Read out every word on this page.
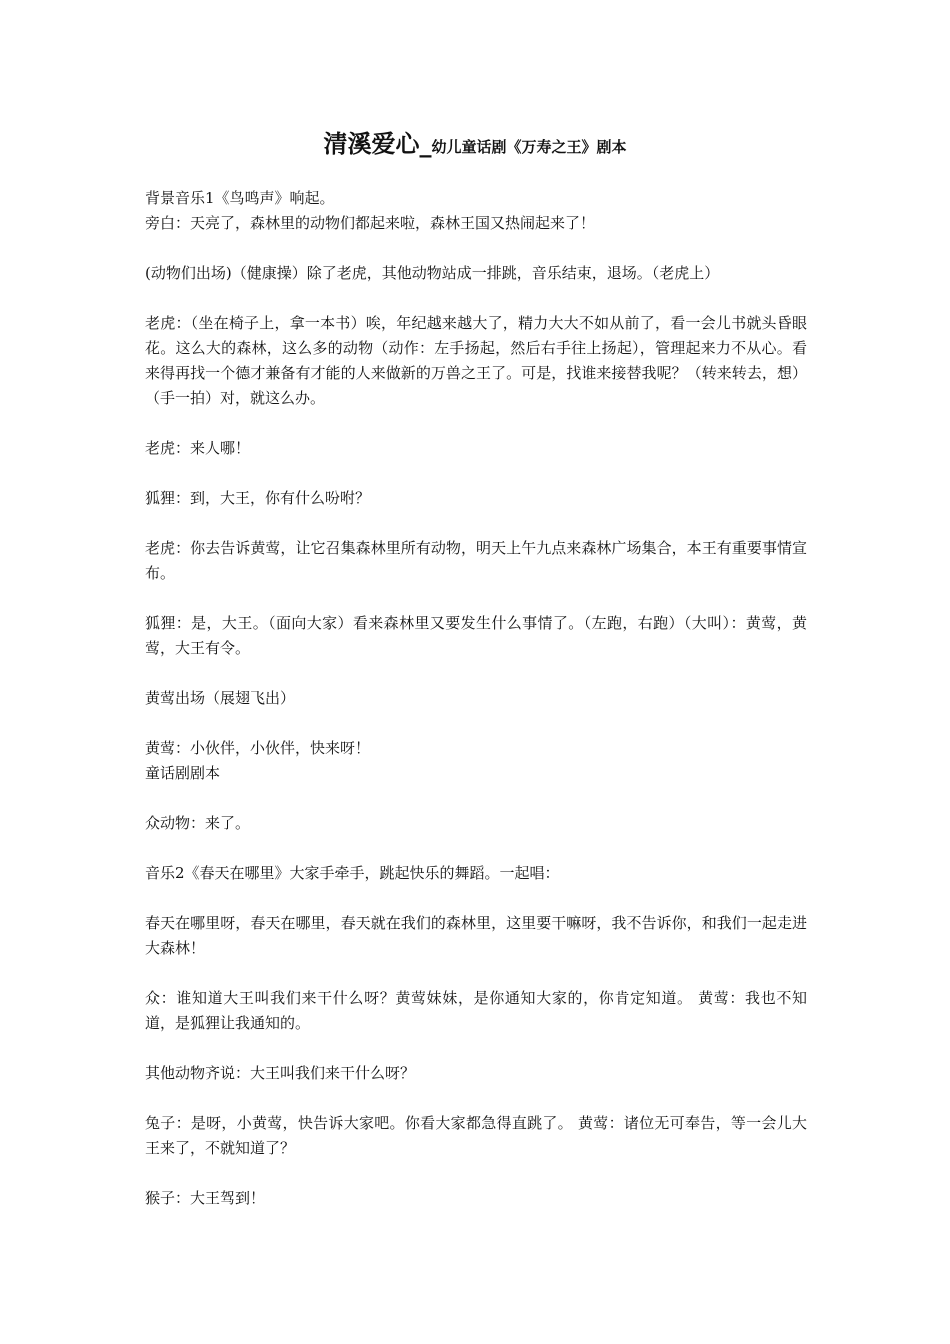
清溪爱心_幼儿童话剧《万寿之王》剧本

背景音乐1《鸟鸣声》响起。

旁白：天亮了，森林里的动物们都起来啦，森林王国又热闹起来了！

(动物们出场)（健康操）除了老虎，其他动物站成一排跳，音乐结束，退场。（老虎上）

老虎：（坐在椅子上，拿一本书）唉，年纪越来越大了，精力大大不如从前了，看一会儿书就头昏眼花。这么大的森林，这么多的动物（动作：左手扬起，然后右手往上扬起），管理起来力不从心。看来得再找一个德才兼备有才能的人来做新的万兽之王了。可是，找谁来接替我呢？（转来转去，想）（手一拍）对，就这么办。

老虎：来人哪！

狐狸：到，大王，你有什么吩咐？

老虎：你去告诉黄莺，让它召集森林里所有动物，明天上午九点来森林广场集合，本王有重要事情宣布。

狐狸：是，大王。（面向大家）看来森林里又要发生什么事情了。（左跑，右跑）（大叫）：黄莺，黄莺，大王有令。

黄莺出场（展翅飞出）

黄莺：小伙伴，小伙伴，快来呀！

童话剧剧本

众动物：来了。

音乐2《春天在哪里》大家手牵手，跳起快乐的舞蹈。一起唱：

春天在哪里呀，春天在哪里，春天就在我们的森林里，这里要干嘛呀，我不告诉你，和我们一起走进大森林！

众：谁知道大王叫我们来干什么呀？黄莺妹妹，是你通知大家的，你肯定知道。 黄莺：我也不知道，是狐狸让我通知的。

其他动物齐说：大王叫我们来干什么呀？

兔子：是呀，小黄莺，快告诉大家吧。你看大家都急得直跳了。 黄莺：诸位无可奉告，等一会儿大王来了，不就知道了？

猴子：大王驾到！
